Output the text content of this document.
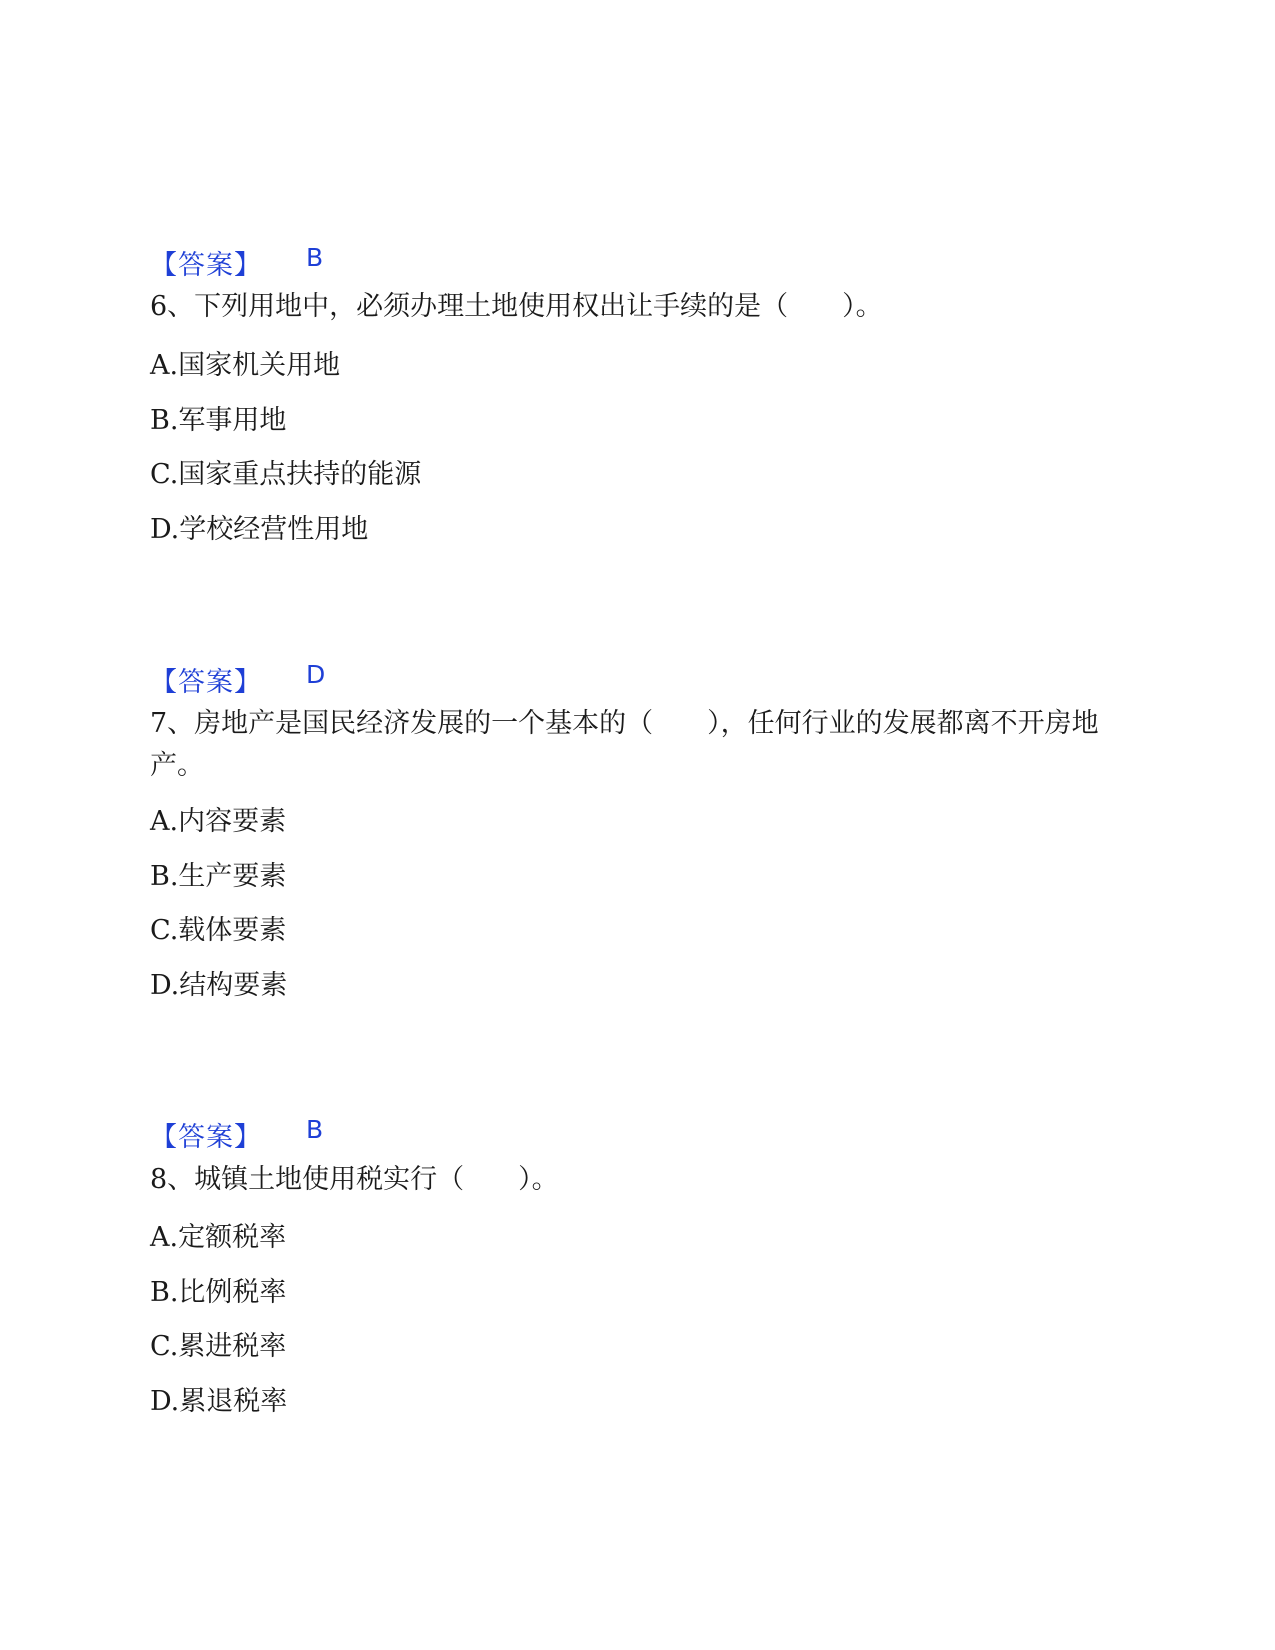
【答案】 B
6、下列用地中，必须办理土地使用权出让手续的是（　　）。
A.国家机关用地
B.军事用地
C.国家重点扶持的能源
D.学校经营性用地
【答案】 D
7、房地产是国民经济发展的一个基本的（　　），任何行业的发展都离不开房地产。
A.内容要素
B.生产要素
C.载体要素
D.结构要素
【答案】 B
8、城镇土地使用税实行（　　）。
A.定额税率
B.比例税率
C.累进税率
D.累退税率
